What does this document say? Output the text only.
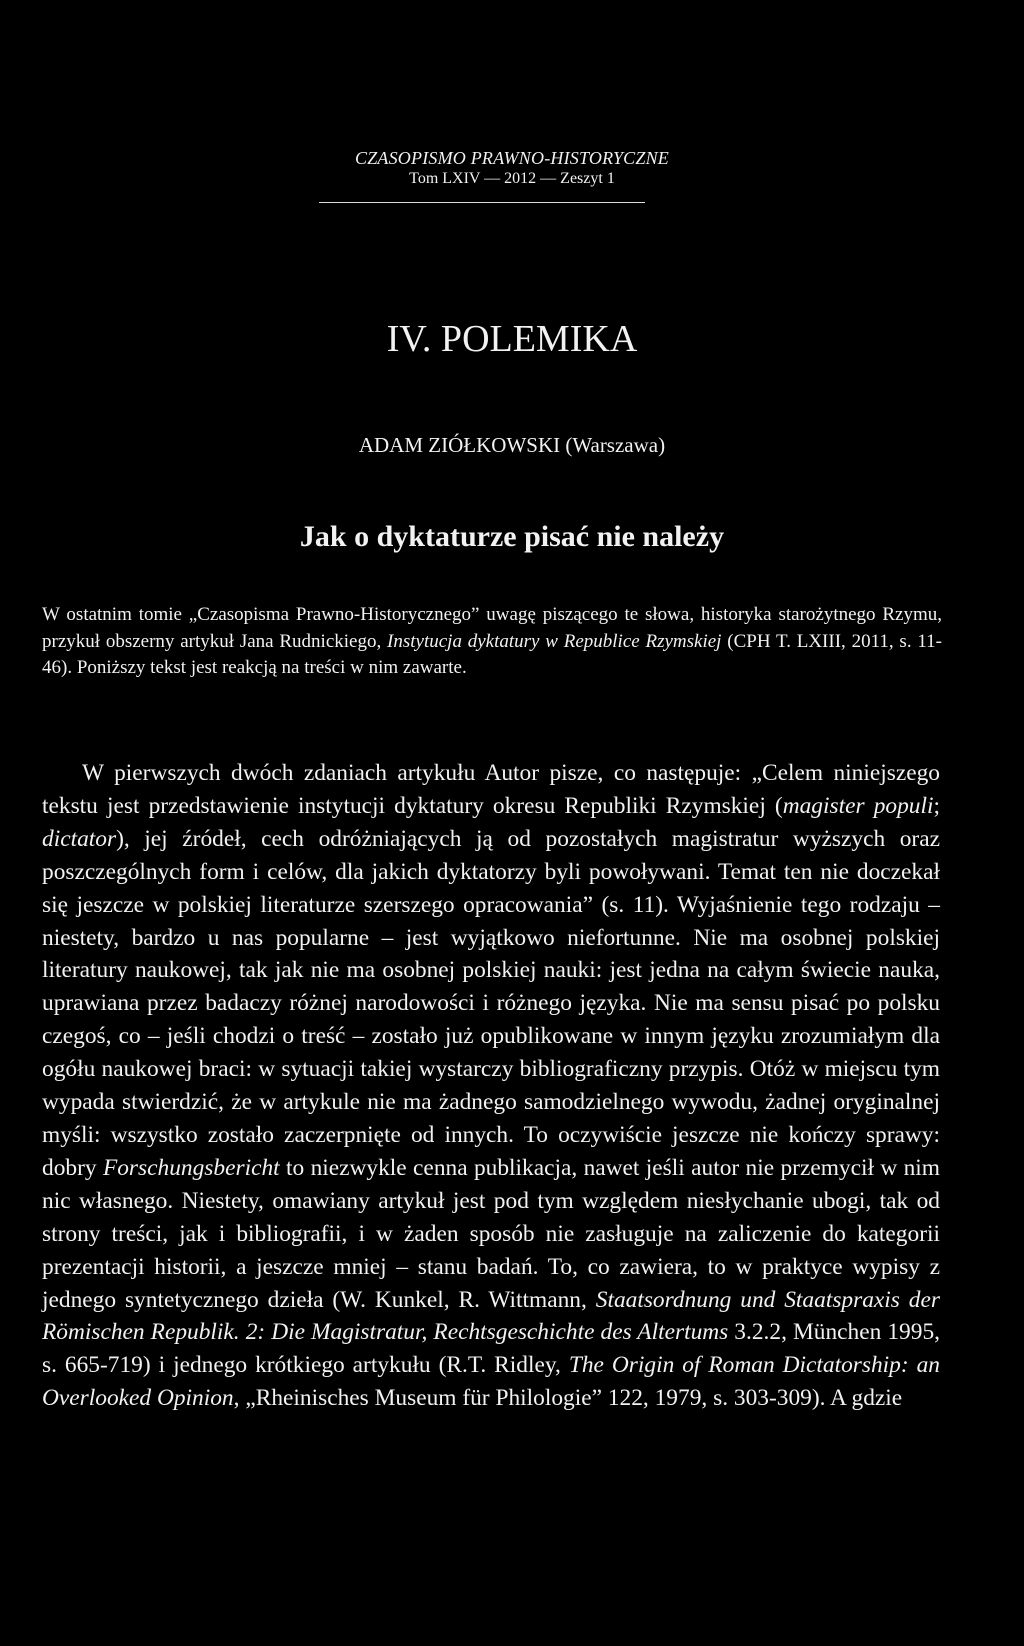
CZASOPISMO PRAWNO-HISTORYCZNE
Tom LXIV — 2012 — Zeszyt 1
IV. POLEMIKA
ADAM ZIÓŁKOWSKI (Warszawa)
Jak o dyktaturze pisać nie należy

W ostatnim tomie „Czasopisma Prawno-Historycznego” uwagę piszącego te słowa, historyka starożytnego Rzymu, przykuł obszerny artykuł Jana Rudnickiego, Instytucja dyktatury w Republice Rzymskiej (CPH T. LXIII, 2011, s. 11-46). Poniższy tekst jest reakcją na treści w nim zawarte.

W pierwszych dwóch zdaniach artykułu Autor pisze, co następuje: „Celem niniejszego tekstu jest przedstawienie instytucji dyktatury okresu Republiki Rzymskiej (magister populi; dictator), jej źródeł, cech odróżniających ją od pozostałych magistratur wyższych oraz poszczególnych form i celów, dla jakich dyktatorzy byli powoływani. Temat ten nie doczekał się jeszcze w polskiej literaturze szerszego opracowania” (s. 11). Wyjaśnienie tego rodzaju – niestety, bardzo u nas popularne – jest wyjątkowo niefortunne. Nie ma osobnej polskiej literatury naukowej, tak jak nie ma osobnej polskiej nauki: jest jedna na całym świecie nauka, uprawiana przez badaczy różnej narodowości i różnego języka. Nie ma sensu pisać po polsku czegoś, co – jeśli chodzi o treść – zostało już opublikowane w innym języku zrozumiałym dla ogółu naukowej braci: w sytuacji takiej wystarczy bibliograficzny przypis. Otóż w miejscu tym wypada stwierdzić, że w artykule nie ma żadnego samodzielnego wywodu, żadnej oryginalnej myśli: wszystko zostało zaczerpnięte od innych. To oczywiście jeszcze nie kończy sprawy: dobry Forschungsbericht to niezwykle cenna publikacja, nawet jeśli autor nie przemycił w nim nic własnego. Niestety, omawiany artykuł jest pod tym względem niesłychanie ubogi, tak od strony treści, jak i bibliografii, i w żaden sposób nie zasługuje na zaliczenie do kategorii prezentacji historii, a jeszcze mniej – stanu badań. To, co zawiera, to w praktyce wypisy z jednego syntetycznego dzieła (W. Kunkel, R. Wittmann, Staatsordnung und Staatspraxis der Römischen Republik. 2: Die Magistratur, Rechtsgeschichte des Altertums 3.2.2, München 1995, s. 665-719) i jednego krótkiego artykułu (R.T. Ridley, The Origin of Roman Dictatorship: an Overlooked Opinion, „Rheinisches Museum für Philologie” 122, 1979, s. 303-309). A gdzie
